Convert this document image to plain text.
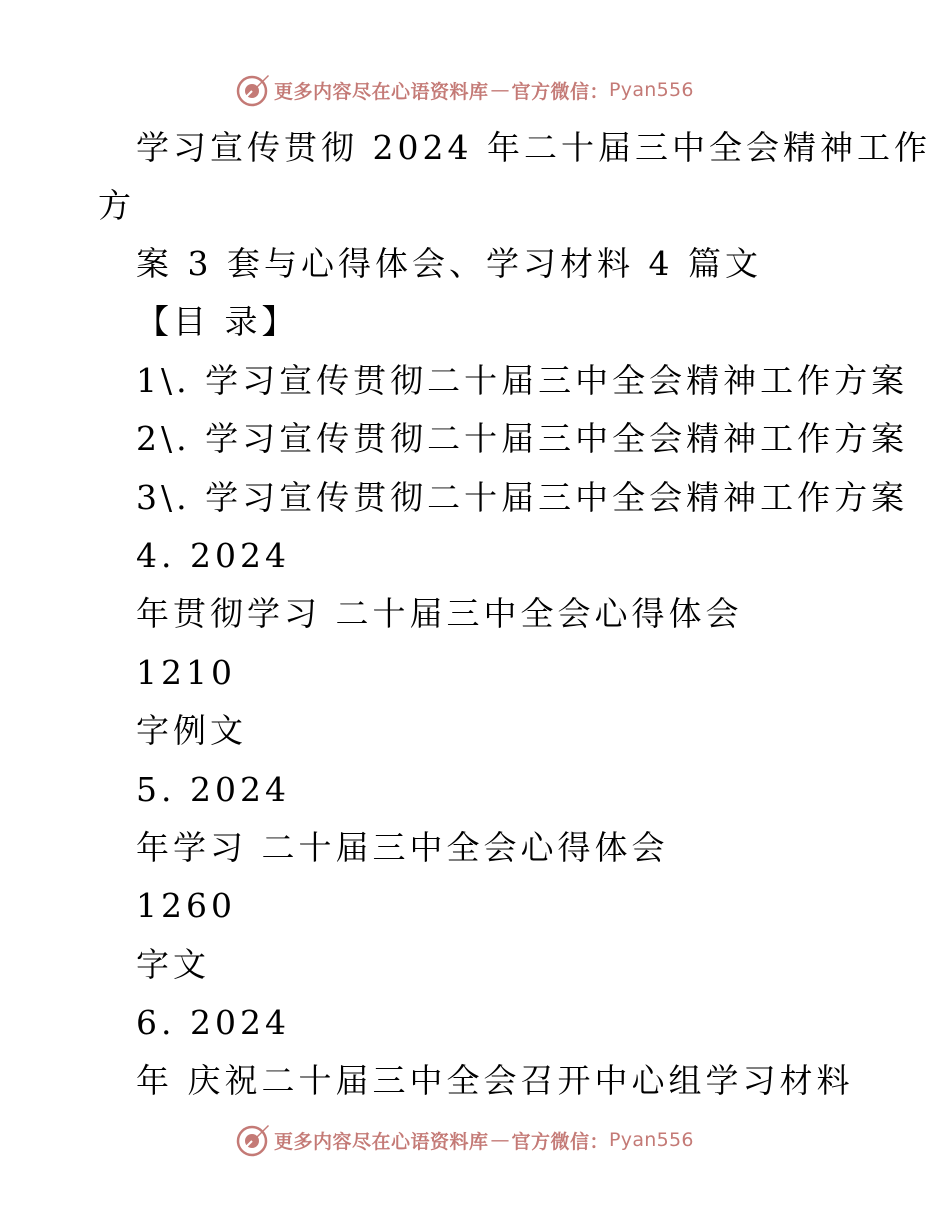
更多内容尽在心语资料库 — 官方微信： Pyan556
学习宣传贯彻 2024 年二十届三中全会精神工作
方
案 3 套与心得体会、学习材料 4 篇文
【目 录】
1\. 学习宣传贯彻二十届三中全会精神工作方案
2\. 学习宣传贯彻二十届三中全会精神工作方案
3\. 学习宣传贯彻二十届三中全会精神工作方案
4. 2024
年贯彻学习 二十届三中全会心得体会
1210
字例文
5. 2024
年学习 二十届三中全会心得体会
1260
字文
6. 2024
年 庆祝二十届三中全会召开中心组学习材料
更多内容尽在心语资料库 — 官方微信： Pyan556
